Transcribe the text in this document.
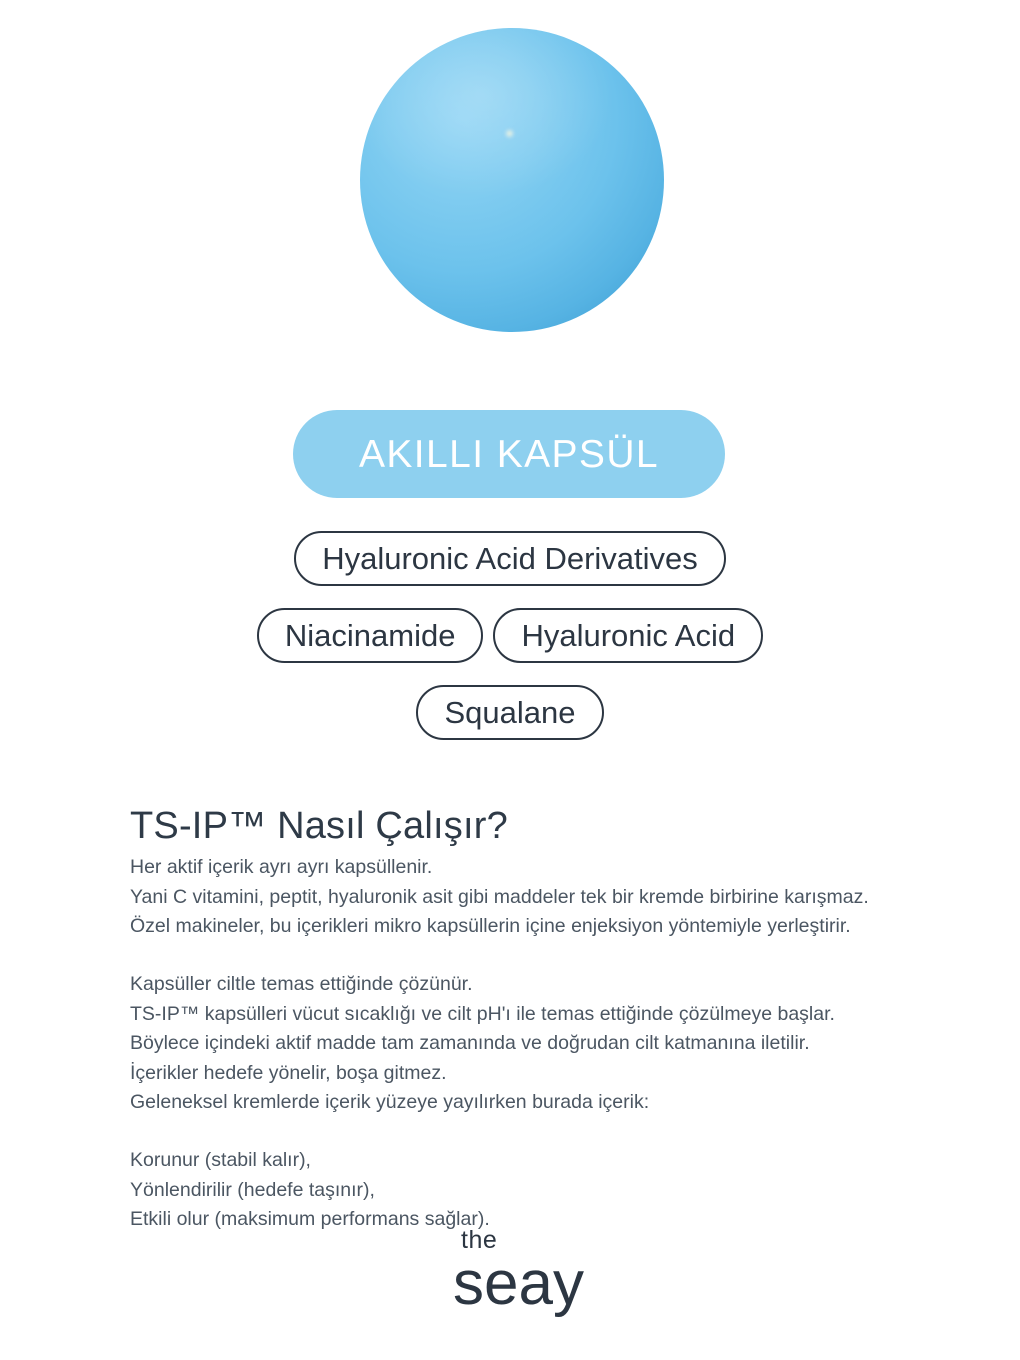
AKILLI KAPSÜL
Hyaluronic Acid Derivatives
Niacinamide Hyaluronic Acid
Squalane
TS-IP™ Nasıl Çalışır?

Her aktif içerik ayrı ayrı kapsüllenir.
Yani C vitamini, peptit, hyaluronik asit gibi maddeler tek bir kremde birbirine karışmaz.
Özel makineler, bu içerikleri mikro kapsüllerin içine enjeksiyon yöntemiyle yerleştirir.

Kapsüller ciltle temas ettiğinde çözünür.
TS-IP™ kapsülleri vücut sıcaklığı ve cilt pH'ı ile temas ettiğinde çözülmeye başlar.
Böylece içindeki aktif madde tam zamanında ve doğrudan cilt katmanına iletilir.
İçerikler hedefe yönelir, boşa gitmez.
Geleneksel kremlerde içerik yüzeye yayılırken burada içerik:

Korunur (stabil kalır),
Yönlendirilir (hedefe taşınır),
Etkili olur (maksimum performans sağlar).

the
seay
